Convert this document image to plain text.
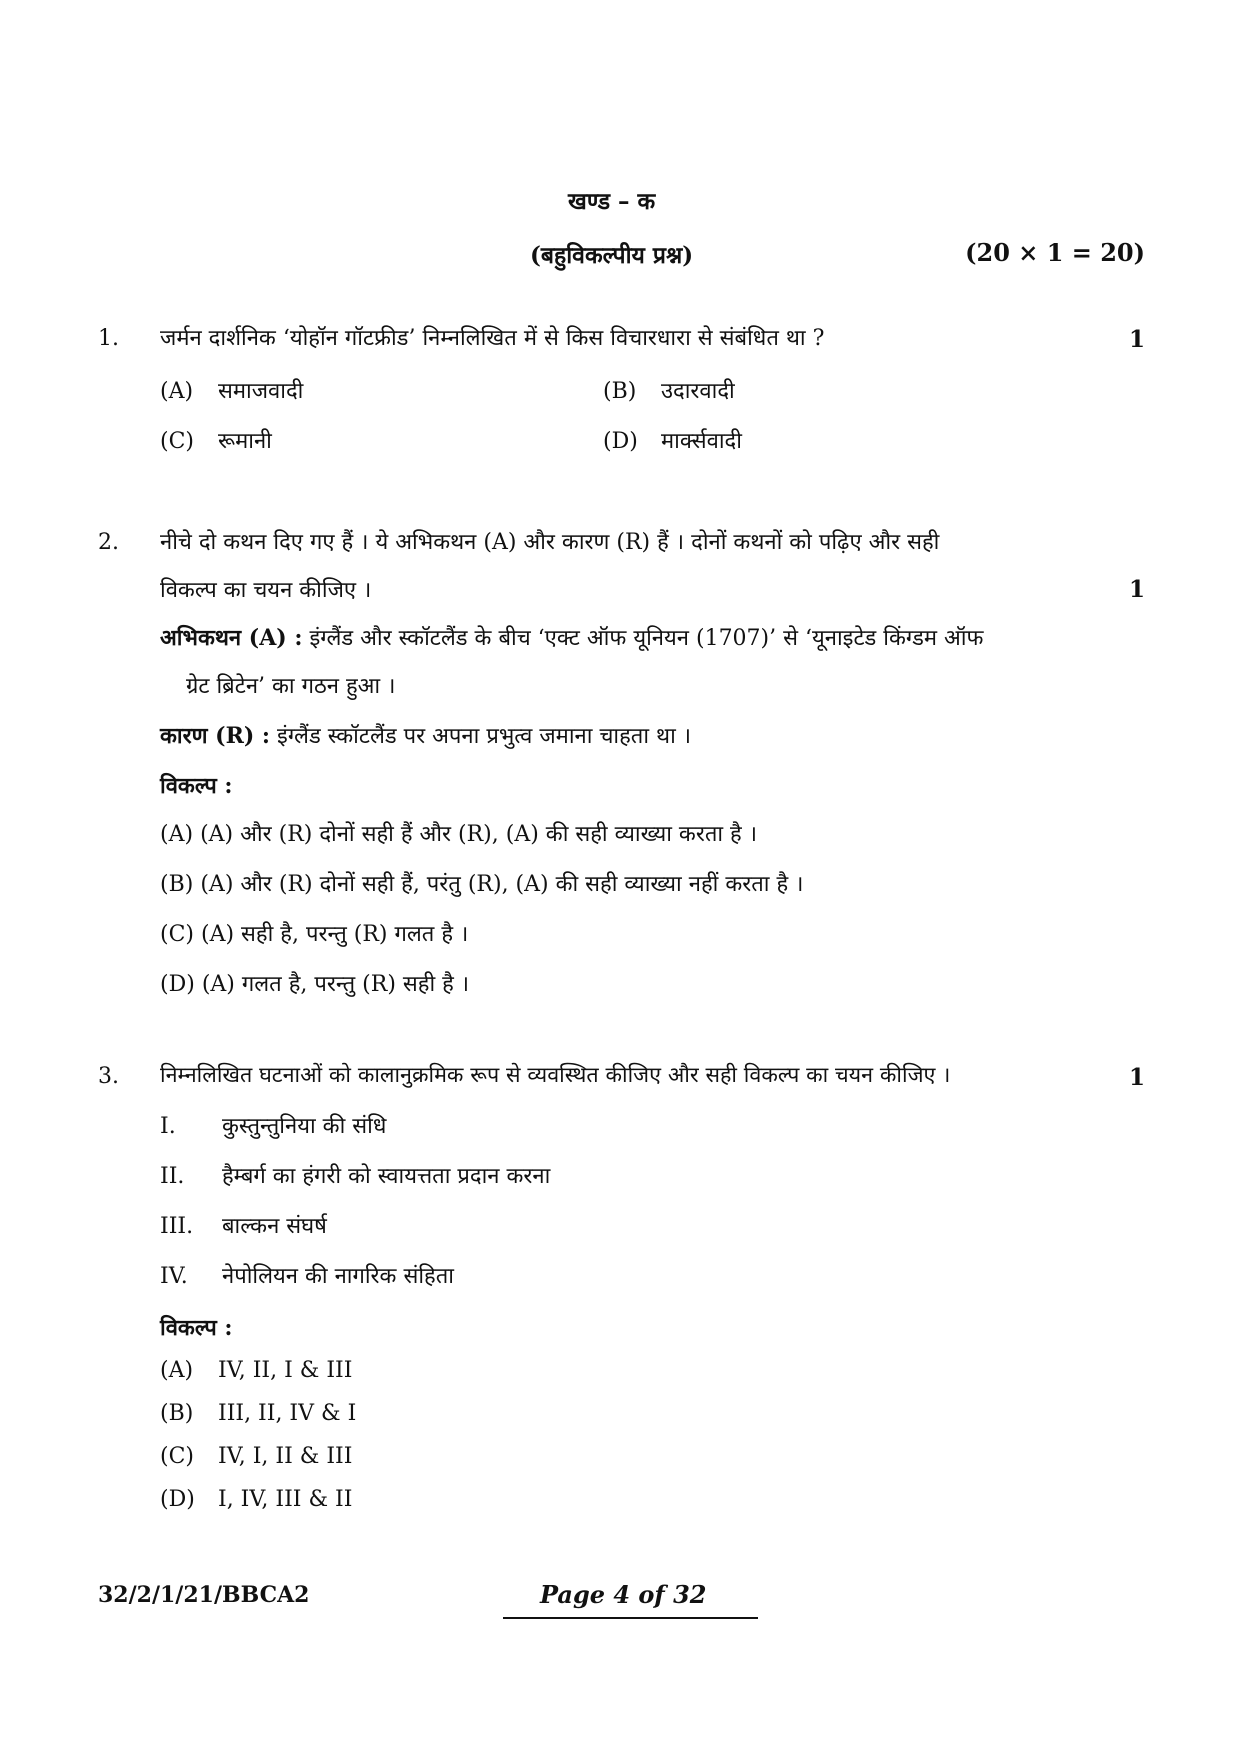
खण्ड – क
(बहुविकल्पीय प्रश्न)	(20 × 1 = 20)
1. जर्मन दार्शनिक ‘योहॉन गॉटफ्रीड’ निम्नलिखित में से किस विचारधारा से संबंधित था ?	1
(A) समाजवादी	(B) उदारवादी
(C) रूमानी	(D) मार्क्सवादी
2. नीचे दो कथन दिए गए हैं । ये अभिकथन (A) और कारण (R) हैं । दोनों कथनों को पढ़िए और सही
विकल्प का चयन कीजिए ।	1
अभिकथन (A) : इंग्लैंड और स्कॉटलैंड के बीच ‘एक्ट ऑफ यूनियन (1707)’ से ‘यूनाइटेड किंग्डम ऑफ
ग्रेट ब्रिटेन’ का गठन हुआ ।
कारण (R) : इंग्लैंड स्कॉटलैंड पर अपना प्रभुत्व जमाना चाहता था ।
विकल्प :
(A) (A) और (R) दोनों सही हैं और (R), (A) की सही व्याख्या करता है ।
(B) (A) और (R) दोनों सही हैं, परंतु (R), (A) की सही व्याख्या नहीं करता है ।
(C) (A) सही है, परन्तु (R) गलत है ।
(D) (A) गलत है, परन्तु (R) सही है ।
3. निम्नलिखित घटनाओं को कालानुक्रमिक रूप से व्यवस्थित कीजिए और सही विकल्प का चयन कीजिए ।	1
I. कुस्तुन्तुनिया की संधि
II. हैम्बर्ग का हंगरी को स्वायत्तता प्रदान करना
III. बाल्कन संघर्ष
IV. नेपोलियन की नागरिक संहिता
विकल्प :
(A) IV, II, I & III
(B) III, II, IV & I
(C) IV, I, II & III
(D) I, IV, III & II
32/2/1/21/BBCA2	Page 4 of 32
